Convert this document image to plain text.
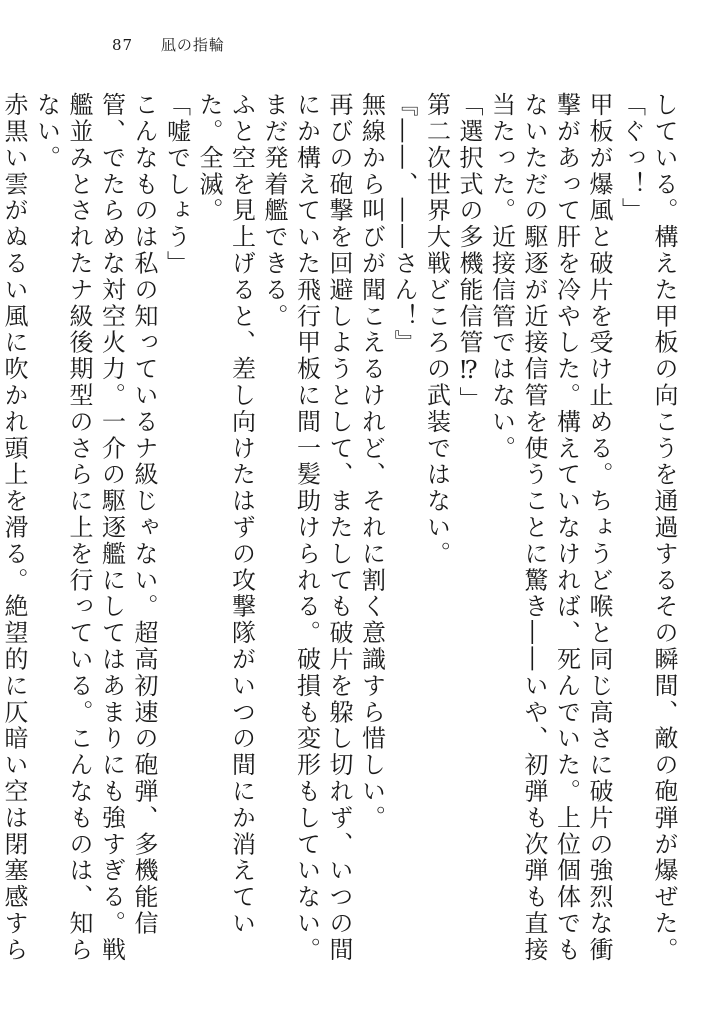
87 凪の指輪

している。構えた甲板の向こうを通過するその瞬間、敵の砲弾が爆ぜた。

「ぐっ！」

甲板が爆風と破片を受け止める。ちょうど喉と同じ高さに破片の強烈な衝撃があって肝を冷やした。構えていなければ、死んでいた。上位個体でもないただの駆逐が近接信管を使うことに驚き――いや、初弾も次弾も直接当たった。近接信管ではない。

「選択式の多機能信管⁉」

第二次世界大戦どころの武装ではない。

『――、――さん！』

無線から叫びが聞こえるけれど、それに割く意識すら惜しい。

再びの砲撃を回避しようとして、またしても破片を躱し切れず、いつの間にか構えていた飛行甲板に間一髪助けられる。破損も変形もしていない。まだ発着艦できる。

ふと空を見上げると、差し向けたはずの攻撃隊がいつの間にか消えていた。全滅。

「嘘でしょう」

こんなものは私の知っているナ級じゃない。超高初速の砲弾、多機能信管、でたらめな対空火力。一介の駆逐艦にしてはあまりにも強すぎる。戦艦並みとされたナ級後期型のさらに上を行っている。こんなものは、知らない。

赤黒い雲がぬるい風に吹かれ頭上を滑る。絶望的に仄暗い空は閉塞感すら
